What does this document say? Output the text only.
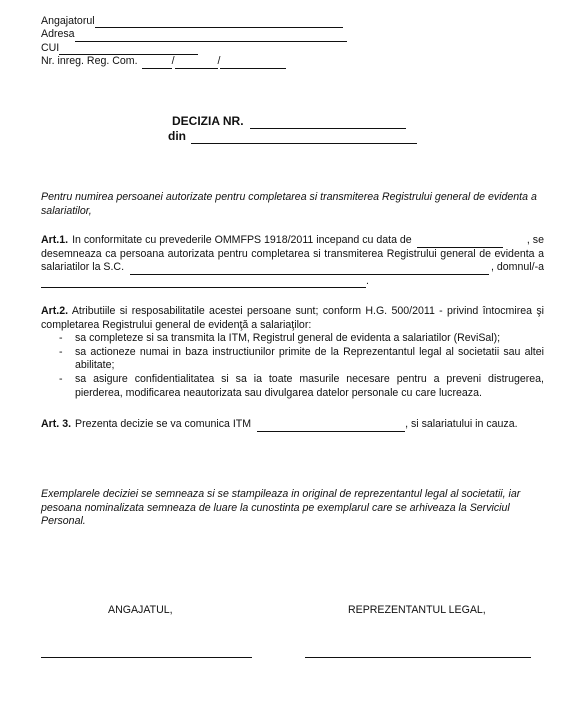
Angajatorul
Adresa
CUI
Nr. inreg. Reg. Com.	/	/
DECIZIA NR.
din
Pentru numirea persoanei autorizate pentru completarea si transmiterea Registrului general de evidenta a salariatilor,
Art.1. In conformitate cu prevederile OMMFPS 1918/2011 incepand cu data de	, se
desemneaza ca persoana autorizata pentru completarea si transmiterea Registrului general de evidenta a
salariatilor la S.C.	, domnul/-a
.
Art.2. Atributiile si resposabilitatile acestei persoane sunt; conform H.G. 500/2011 - privind întocmirea şi
completarea Registrului general de evidenţă a salariaţilor:
- sa completeze si sa transmita la ITM, Registrul general de evidenta a salariatilor (ReviSal);
- sa actioneze numai in baza instructiunilor primite de la Reprezentantul legal al societatii sau altei abilitate;
- sa asigure confidentialitatea si sa ia toate masurile necesare pentru a preveni distrugerea, pierderea, modificarea neautorizata sau divulgarea datelor personale cu care lucreaza.
Art. 3. Prezenta decizie se va comunica ITM	, si salariatului in cauza.
Exemplarele deciziei se semneaza si se stampileaza in original de reprezentantul legal al societatii, iar pesoana nominalizata semneaza de luare la cunostinta pe exemplarul care se arhiveaza la Serviciul Personal.
ANGAJATUL,	REPREZENTANTUL LEGAL,
